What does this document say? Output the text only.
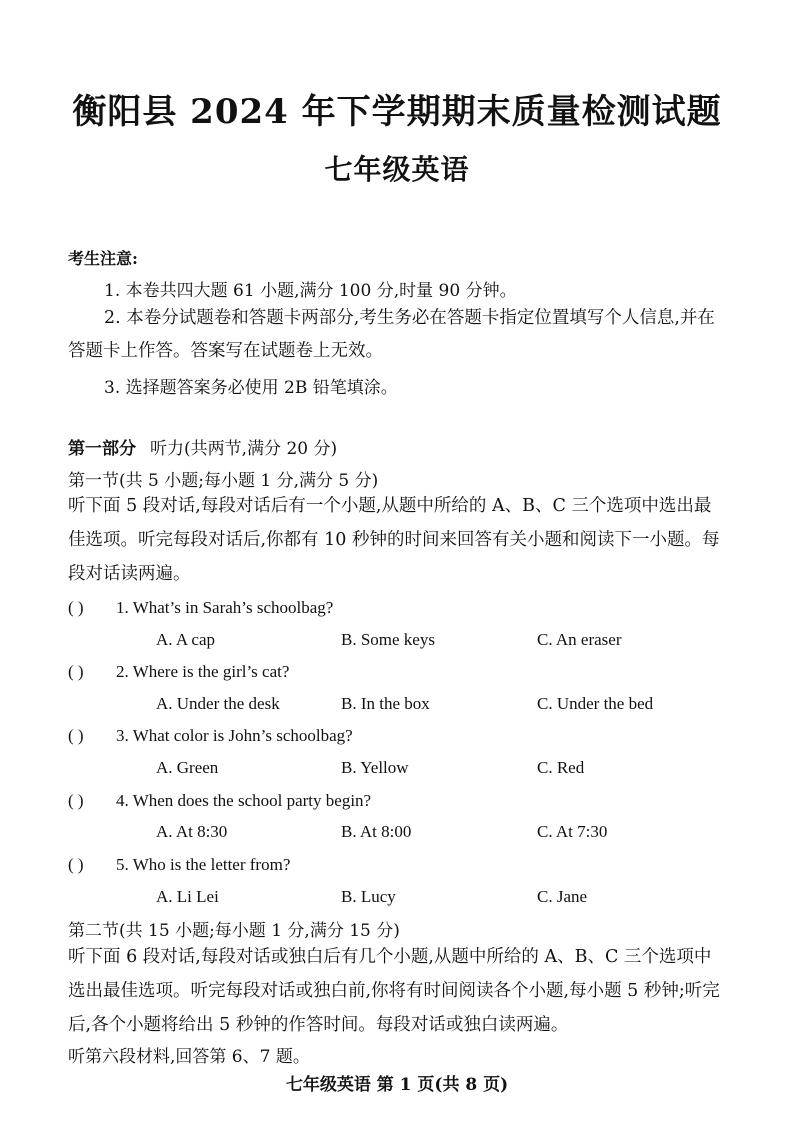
衡阳县 2024 年下学期期末质量检测试题
七年级英语
考生注意:
1. 本卷共四大题 61 小题,满分 100 分,时量 90 分钟。
2. 本卷分试题卷和答题卡两部分,考生务必在答题卡指定位置填写个人信息,并在答题卡上作答。答案写在试题卷上无效。
3. 选择题答案务必使用 2B 铅笔填涂。
第一部分 听力(共两节,满分 20 分)
第一节(共 5 小题;每小题 1 分,满分 5 分)
听下面 5 段对话,每段对话后有一个小题,从题中所给的 A、B、C 三个选项中选出最佳选项。听完每段对话后,你都有 10 秒钟的时间来回答有关小题和阅读下一小题。每段对话读两遍。
( ) 1. What’s in Sarah’s schoolbag?
A. A cap	B. Some keys	C. An eraser
( ) 2. Where is the girl’s cat?
A. Under the desk	B. In the box	C. Under the bed
( ) 3. What color is John’s schoolbag?
A. Green	B. Yellow	C. Red
( ) 4. When does the school party begin?
A. At 8:30	B. At 8:00	C. At 7:30
( ) 5. Who is the letter from?
A. Li Lei	B. Lucy	C. Jane
第二节(共 15 小题;每小题 1 分,满分 15 分)
听下面 6 段对话,每段对话或独白后有几个小题,从题中所给的 A、B、C 三个选项中选出最佳选项。听完每段对话或独白前,你将有时间阅读各个小题,每小题 5 秒钟;听完后,各个小题将给出 5 秒钟的作答时间。每段对话或独白读两遍。
听第六段材料,回答第 6、7 题。
七年级英语 第 1 页(共 8 页)
